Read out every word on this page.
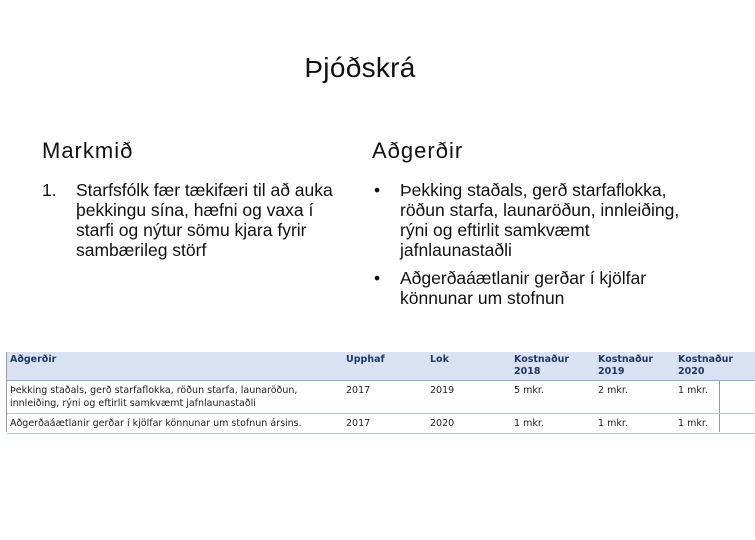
Þjóðskrá
Markmið
1.	Starfsfólk fær tækifæri til að auka þekkingu sína, hæfni og vaxa í starfi og nýtur sömu kjara fyrir sambærileg störf
Aðgerðir
•	Þekking staðals, gerð starfaflokka, röðun starfa, launaröðun, innleiðing, rýni og eftirlit samkvæmt jafnlaunastaðli
•	Aðgerðaáætlanir gerðar í kjölfar könnunar um stofnun
Aðgerðir	Upphaf	Lok	Kostnaður 2018	Kostnaður 2019	Kostnaður 2020
Þekking staðals, gerð starfaflokka, röðun starfa, launaröðun, innleiðing, rýni og eftirlit samkvæmt jafnlaunastaðli	2017	2019	5 mkr.	2 mkr.	1 mkr.
Aðgerðaáætlanir gerðar í kjölfar könnunar um stofnun ársins.	2017	2020	1 mkr.	1 mkr.	1 mkr.
